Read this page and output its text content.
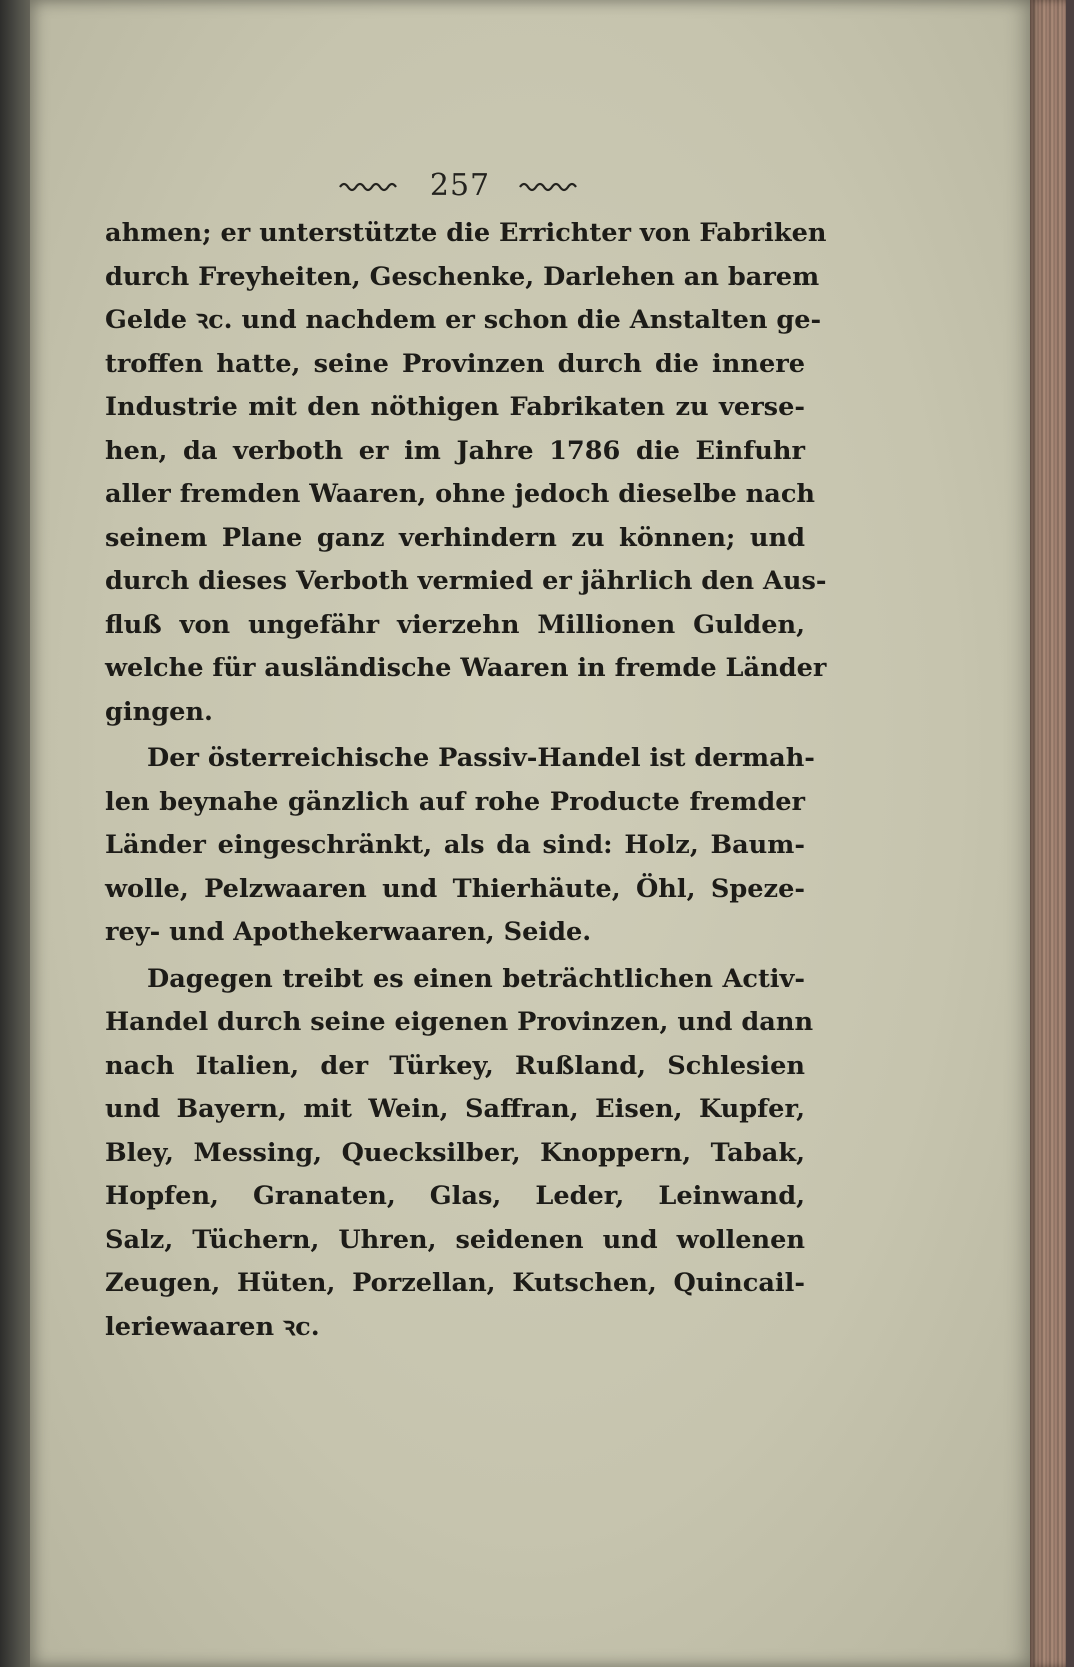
257
ahmen; er unterstützte die Errichter von Fabriken
durch Freyheiten, Geschenke, Darlehen an barem
Gelde ꝛc. und nachdem er schon die Anstalten ge-
troffen hatte, seine Provinzen durch die innere
Industrie mit den nöthigen Fabrikaten zu verse-
hen, da verboth er im Jahre 1786 die Einfuhr
aller fremden Waaren, ohne jedoch dieselbe nach
seinem Plane ganz verhindern zu können; und
durch dieses Verboth vermied er jährlich den Aus-
fluß von ungefähr vierzehn Millionen Gulden,
welche für ausländische Waaren in fremde Länder
gingen.
Der österreichische Passiv-Handel ist dermah-
len beynahe gänzlich auf rohe Producte fremder
Länder eingeschränkt, als da sind: Holz, Baum-
wolle, Pelzwaaren und Thierhäute, Öhl, Speze-
rey- und Apothekerwaaren, Seide.
Dagegen treibt es einen beträchtlichen Activ-
Handel durch seine eigenen Provinzen, und dann
nach Italien, der Türkey, Rußland, Schlesien
und Bayern, mit Wein, Saffran, Eisen, Kupfer,
Bley, Messing, Quecksilber, Knoppern, Tabak,
Hopfen, Granaten, Glas, Leder, Leinwand,
Salz, Tüchern, Uhren, seidenen und wollenen
Zeugen, Hüten, Porzellan, Kutschen, Quincail-
leriewaaren ꝛc.
